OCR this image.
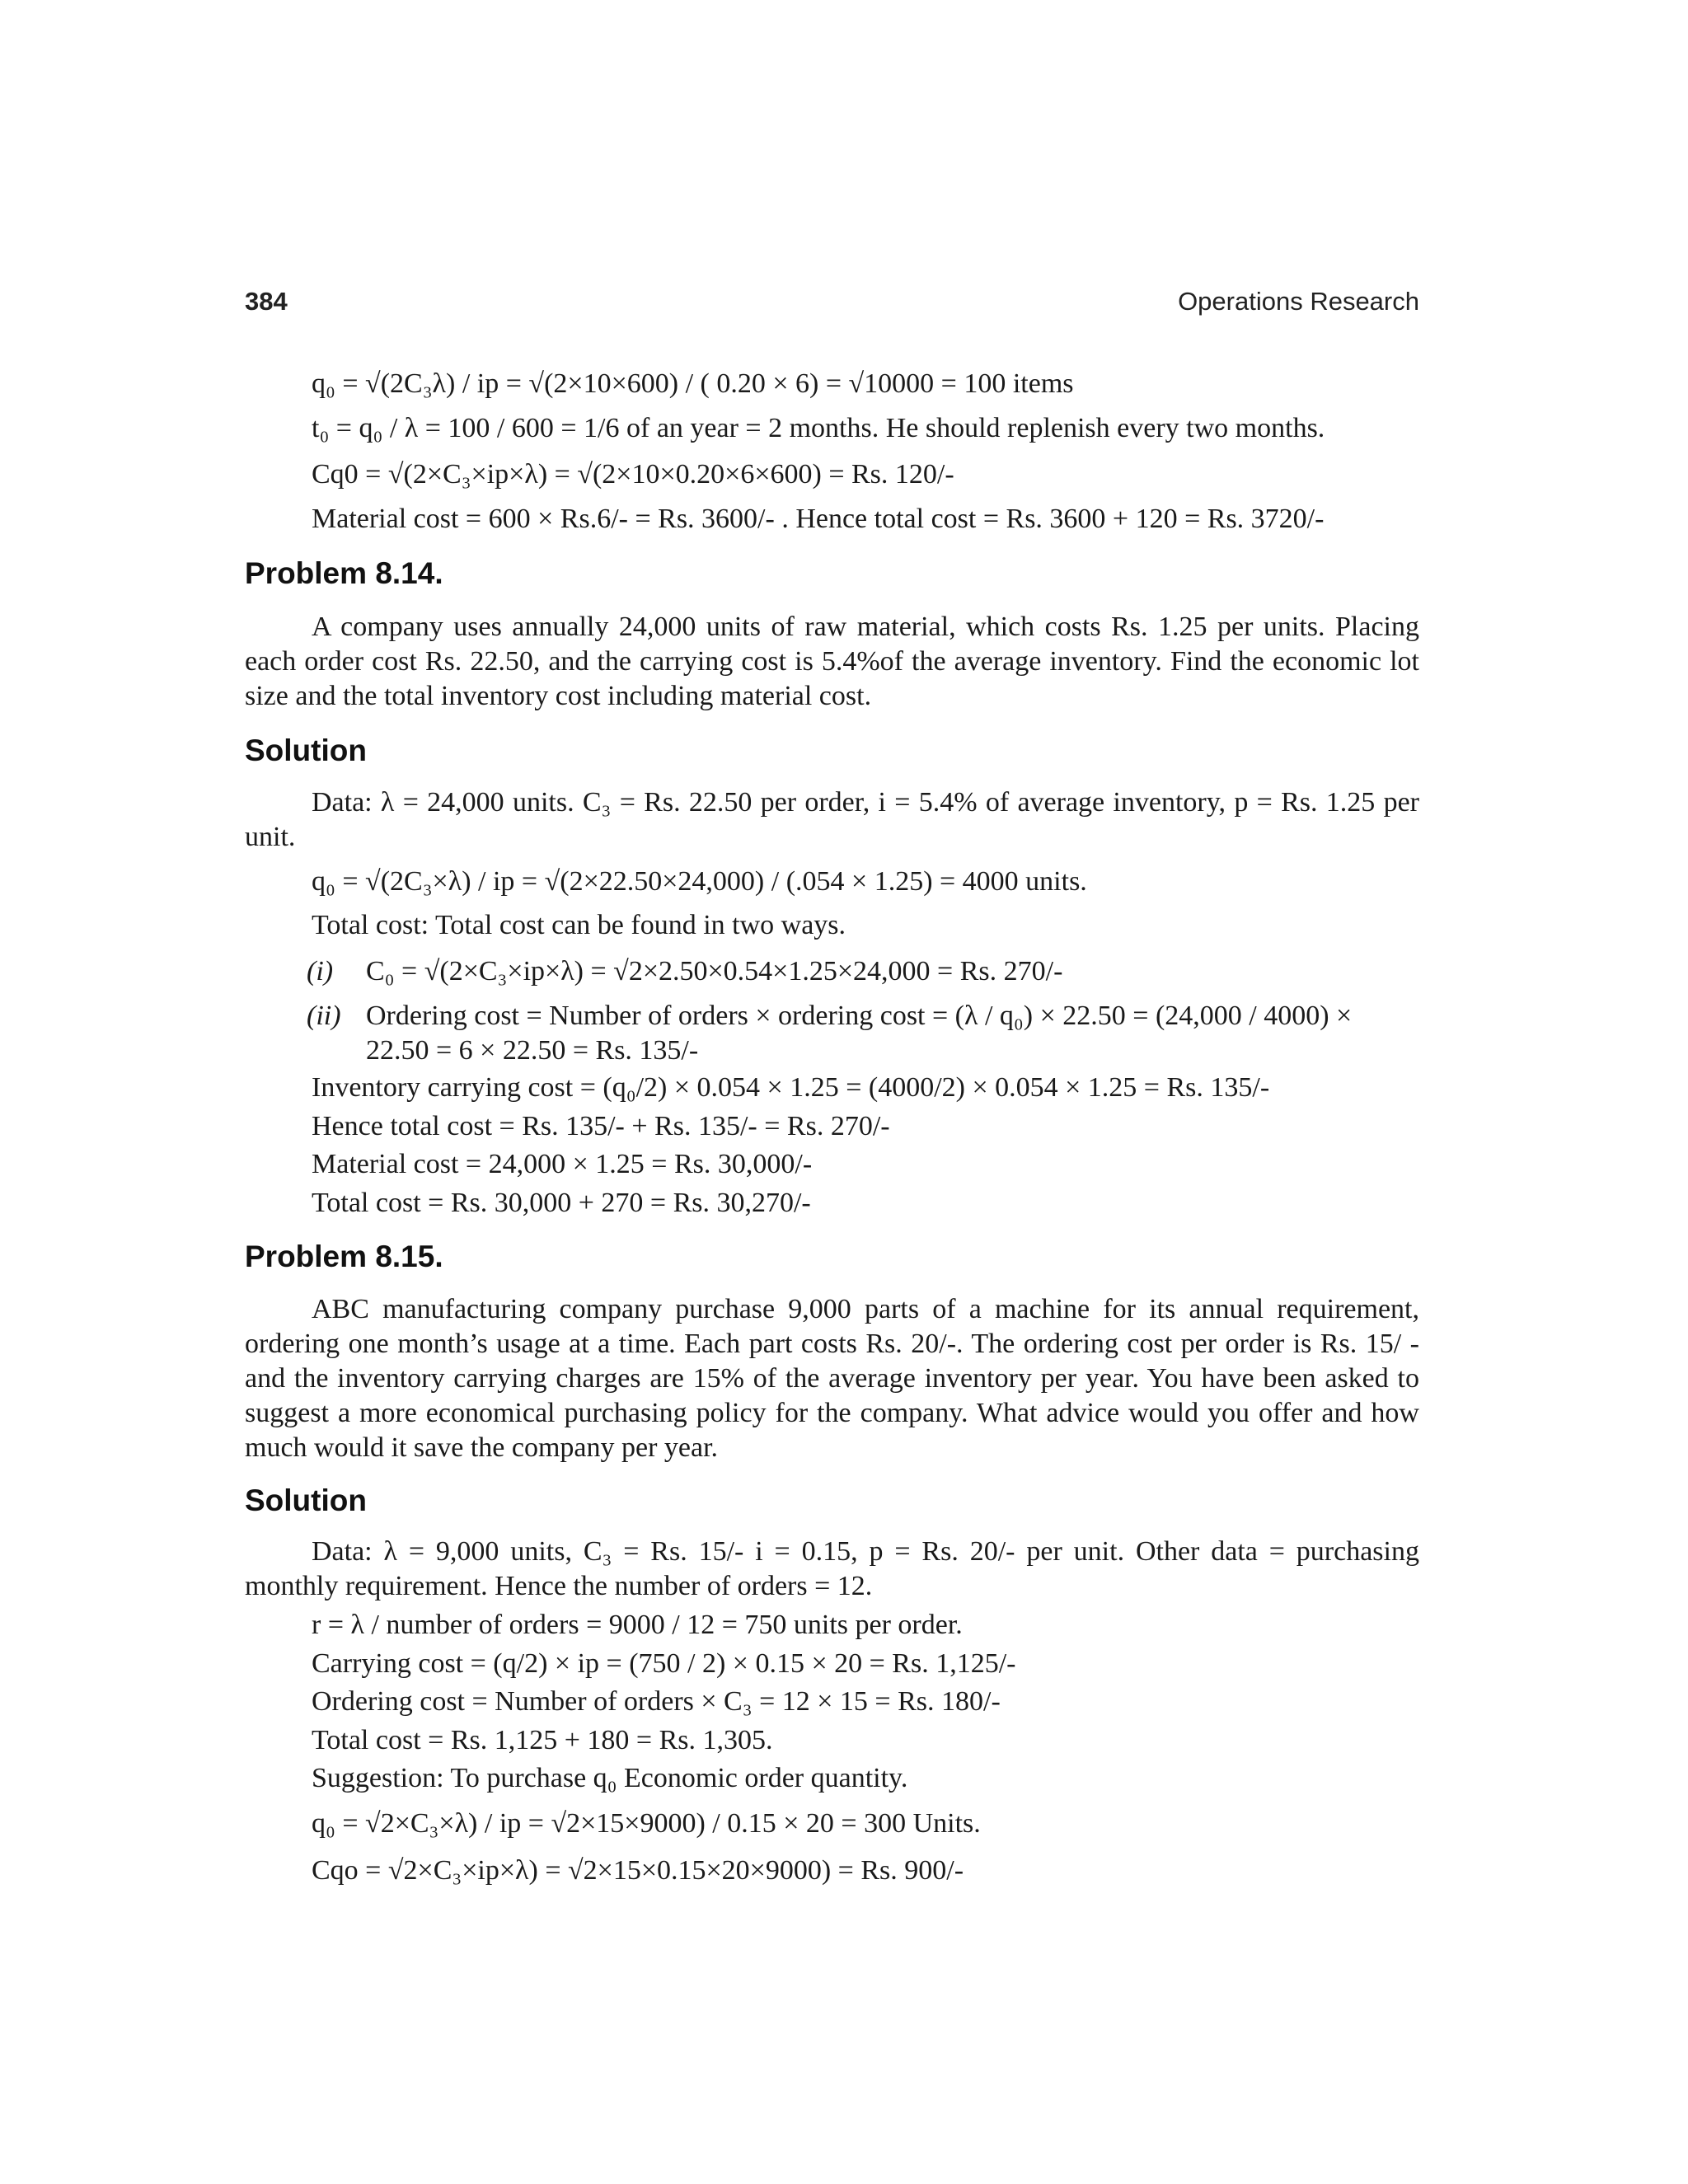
384	Operations Research
q₀ = √(2C₃λ) / ip = √(2×10×600) / ( 0.20 × 6) = √10000 = 100 items
t₀ = q₀ / λ = 100 / 600 = 1/6 of an year = 2 months. He should replenish every two months.
Cq0 = √(2×C₃×ip×λ) = √(2×10×0.20×6×600) = Rs. 120/-
Material cost = 600 × Rs.6/- = Rs. 3600/- . Hence total cost = Rs. 3600 + 120 = Rs. 3720/-
Problem 8.14.
A company uses annually 24,000 units of raw material, which costs Rs. 1.25 per units. Placing each order cost Rs. 22.50, and the carrying cost is 5.4%of the average inventory. Find the economic lot size and the total inventory cost including material cost.
Solution
Data: λ = 24,000 units. C₃ = Rs. 22.50 per order, i = 5.4% of average inventory, p = Rs. 1.25 per unit.
q₀ = √(2C₃×λ) / ip = √(2×22.50×24,000) / (.054 × 1.25) = 4000 units.
Total cost: Total cost can be found in two ways.
(i) C₀ = √(2×C₃×ip×λ) = √2×2.50×0.54×1.25×24,000 = Rs. 270/-
(ii) Ordering cost = Number of orders × ordering cost = (λ / q₀) × 22.50 = (24,000 / 4000) ×
22.50 = 6 × 22.50 = Rs. 135/-
Inventory carrying cost = (q₀/2) × 0.054 × 1.25 = (4000/2) × 0.054 × 1.25 = Rs. 135/-
Hence total cost = Rs. 135/- + Rs. 135/- = Rs. 270/-
Material cost = 24,000 × 1.25 = Rs. 30,000/-
Total cost = Rs. 30,000 + 270 = Rs. 30,270/-
Problem 8.15.
ABC manufacturing company purchase 9,000 parts of a machine for its annual requirement, ordering one month’s usage at a time. Each part costs Rs. 20/-. The ordering cost per order is Rs. 15/ - and the inventory carrying charges are 15% of the average inventory per year. You have been asked to suggest a more economical purchasing policy for the company. What advice would you offer and how much would it save the company per year.
Solution
Data: λ = 9,000 units, C₃ = Rs. 15/- i = 0.15, p = Rs. 20/- per unit. Other data = purchasing monthly requirement. Hence the number of orders = 12.
r = λ / number of orders = 9000 / 12 = 750 units per order.
Carrying cost = (q/2) × ip = (750 / 2) × 0.15 × 20 = Rs. 1,125/-
Ordering cost = Number of orders × C₃ = 12 × 15 = Rs. 180/-
Total cost = Rs. 1,125 + 180 = Rs. 1,305.
Suggestion: To purchase q₀ Economic order quantity.
q₀ = √2×C₃×λ) / ip = √2×15×9000) / 0.15 × 20 = 300 Units.
Cqo = √2×C₃×ip×λ) = √2×15×0.15×20×9000) = Rs. 900/-
